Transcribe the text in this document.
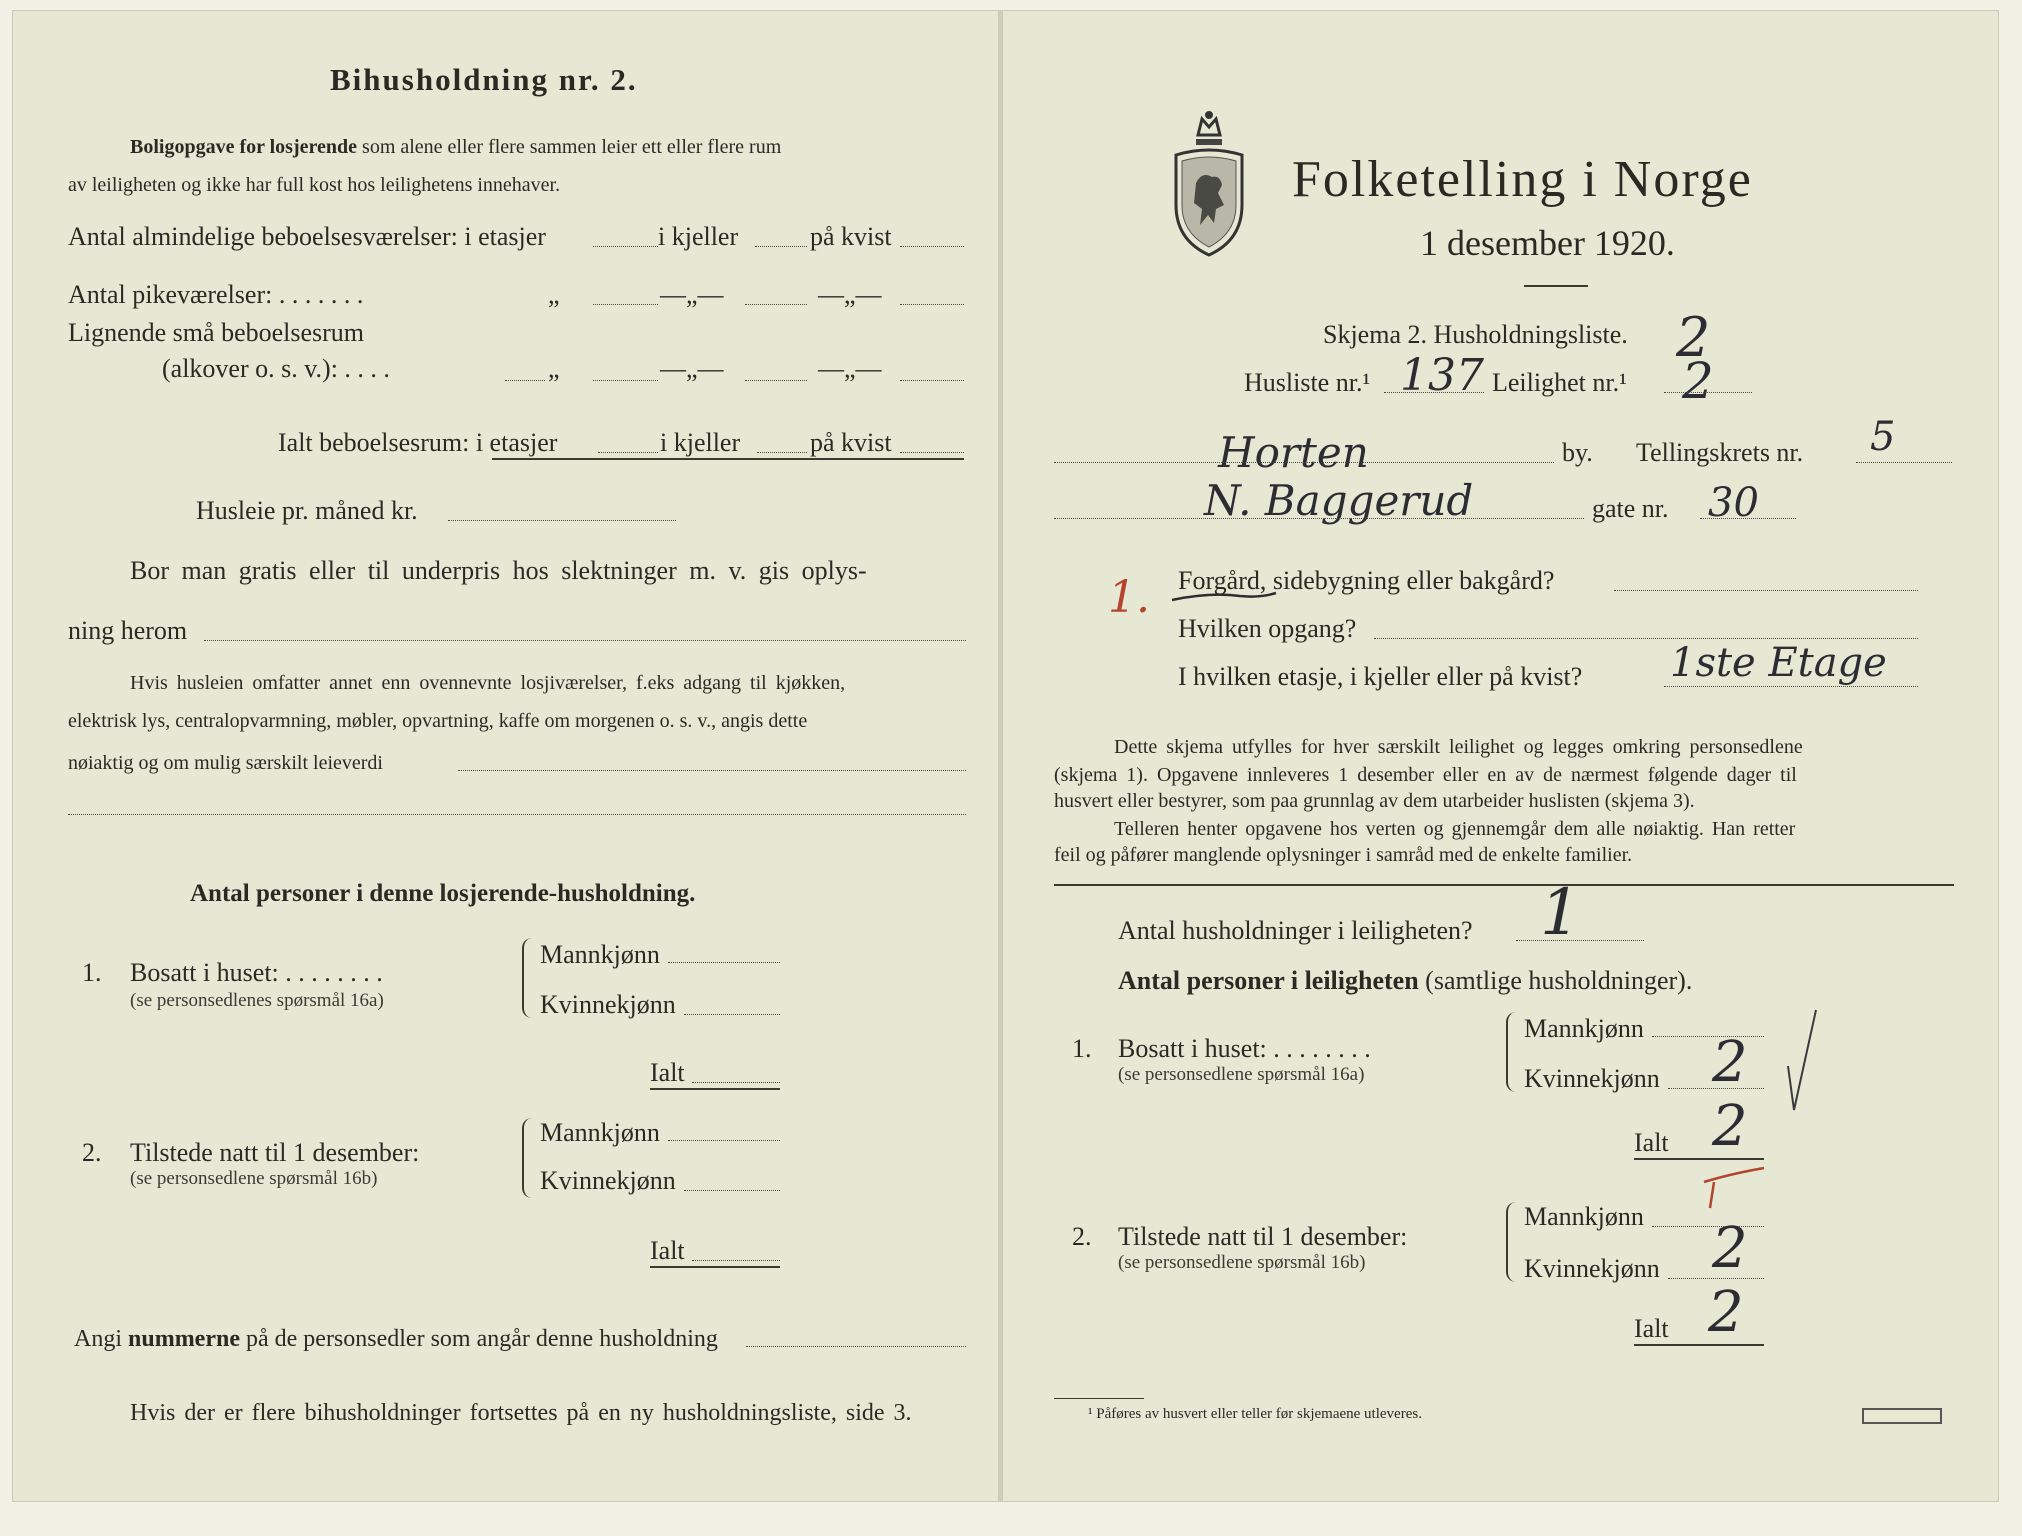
Bihusholdning nr. 2.
Boligopgave for losjerende som alene eller flere sammen leier ett eller flere rum
av leiligheten og ikke har full kost hos leilighetens innehaver.
Antal almindelige beboelsesværelser: i etasjer	i kjeller	på kvist
Antal pikeværelser: . . . . . . .	„	—„—	—„—
Lignende små beboelsesrum
(alkover o. s. v.): . . . .	„	—„—	—„—
Ialt beboelsesrum: i etasjer	i kjeller	på kvist
Husleie pr. måned kr.
Bor man gratis eller til underpris hos slektninger m. v. gis oplys-
ning herom
Hvis husleien omfatter annet enn ovennevnte losjiværelser, f.eks adgang til kjøkken,
elektrisk lys, centralopvarmning, møbler, opvartning, kaffe om morgenen o. s. v., angis dette
nøiaktig og om mulig særskilt leieverdi
Antal personer i denne losjerende-husholdning.
1. Bosatt i huset: . . . . . . . .
(se personsedlenes spørsmål 16a)
Mannkjønn
Kvinnekjønn
Ialt
2. Tilstede natt til 1 desember:
(se personsedlene spørsmål 16b)
Mannkjønn
Kvinnekjønn
Ialt
Angi nummerne på de personsedler som angår denne husholdning
Hvis der er flere bihusholdninger fortsettes på en ny husholdningsliste, side 3.
Folketelling i Norge
1 desember 1920.
Skjema 2. Husholdningsliste. 2
Husliste nr.¹ 137 Leilighet nr.¹ 2
Horten	by. Tellingskrets nr. 5
N. Baggerud	gate nr. 30
1. Forgård, sidebygning eller bakgård?
Hvilken opgang?
I hvilken etasje, i kjeller eller på kvist? 1ste Etage
Dette skjema utfylles for hver særskilt leilighet og legges omkring personsedlene
(skjema 1). Opgavene innleveres 1 desember eller en av de nærmest følgende dager til
husvert eller bestyrer, som paa grunnlag av dem utarbeider huslisten (skjema 3).
Telleren henter opgavene hos verten og gjennemgår dem alle nøiaktig. Han retter
feil og påfører manglende oplysninger i samråd med de enkelte familier.
Antal husholdninger i leiligheten? 1
Antal personer i leiligheten (samtlige husholdninger).
1. Bosatt i huset: . . . . . . . .
(se personsedlene spørsmål 16a)
Mannkjønn
Kvinnekjønn 2
Ialt 2
2. Tilstede natt til 1 desember:
(se personsedlene spørsmål 16b)
Mannkjønn
Kvinnekjønn 2
Ialt 2
¹ Påføres av husvert eller teller før skjemaene utleveres.
